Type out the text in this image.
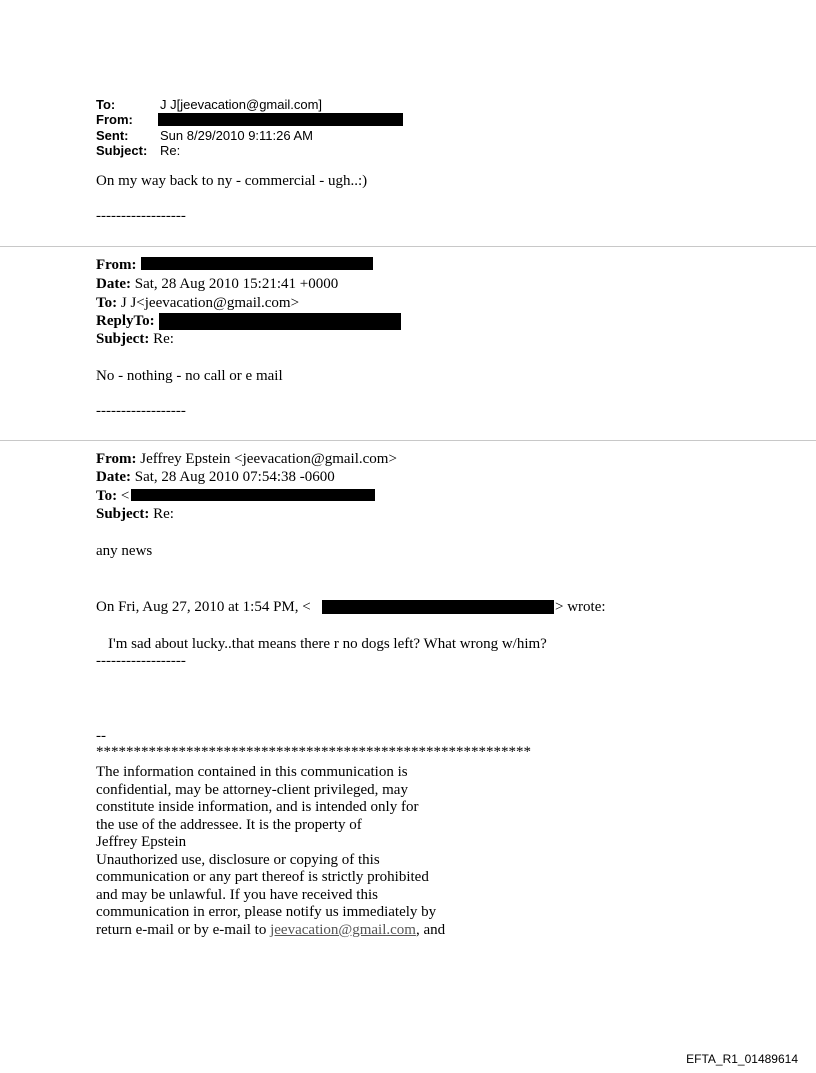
To:	J J[jeevacation@gmail.com]
From:
Sent: Sun 8/29/2010 9:11:26 AM
Subject: Re:
On my way back to ny - commercial - ugh..:)
------------------
From:
Date: Sat, 28 Aug 2010 15:21:41 +0000
To: J J<jeevacation@gmail.com>
ReplyTo:
Subject: Re:
No - nothing - no call or e mail
------------------
From: Jeffrey Epstein <jeevacation@gmail.com>
Date: Sat, 28 Aug 2010 07:54:38 -0600
To: <
Subject: Re:
any news
On Fri, Aug 27, 2010 at 1:54 PM, <	> wrote:
I'm sad about lucky..that means there r no dogs left? What wrong w/him?
------------------
--
**********************************************************
The information contained in this communication is
confidential, may be attorney-client privileged, may
constitute inside information, and is intended only for
the use of the addressee. It is the property of
Jeffrey Epstein
Unauthorized use, disclosure or copying of this
communication or any part thereof is strictly prohibited
and may be unlawful. If you have received this
communication in error, please notify us immediately by
return e-mail or by e-mail to jeevacation@gmail.com, and
EFTA_R1_01489614
